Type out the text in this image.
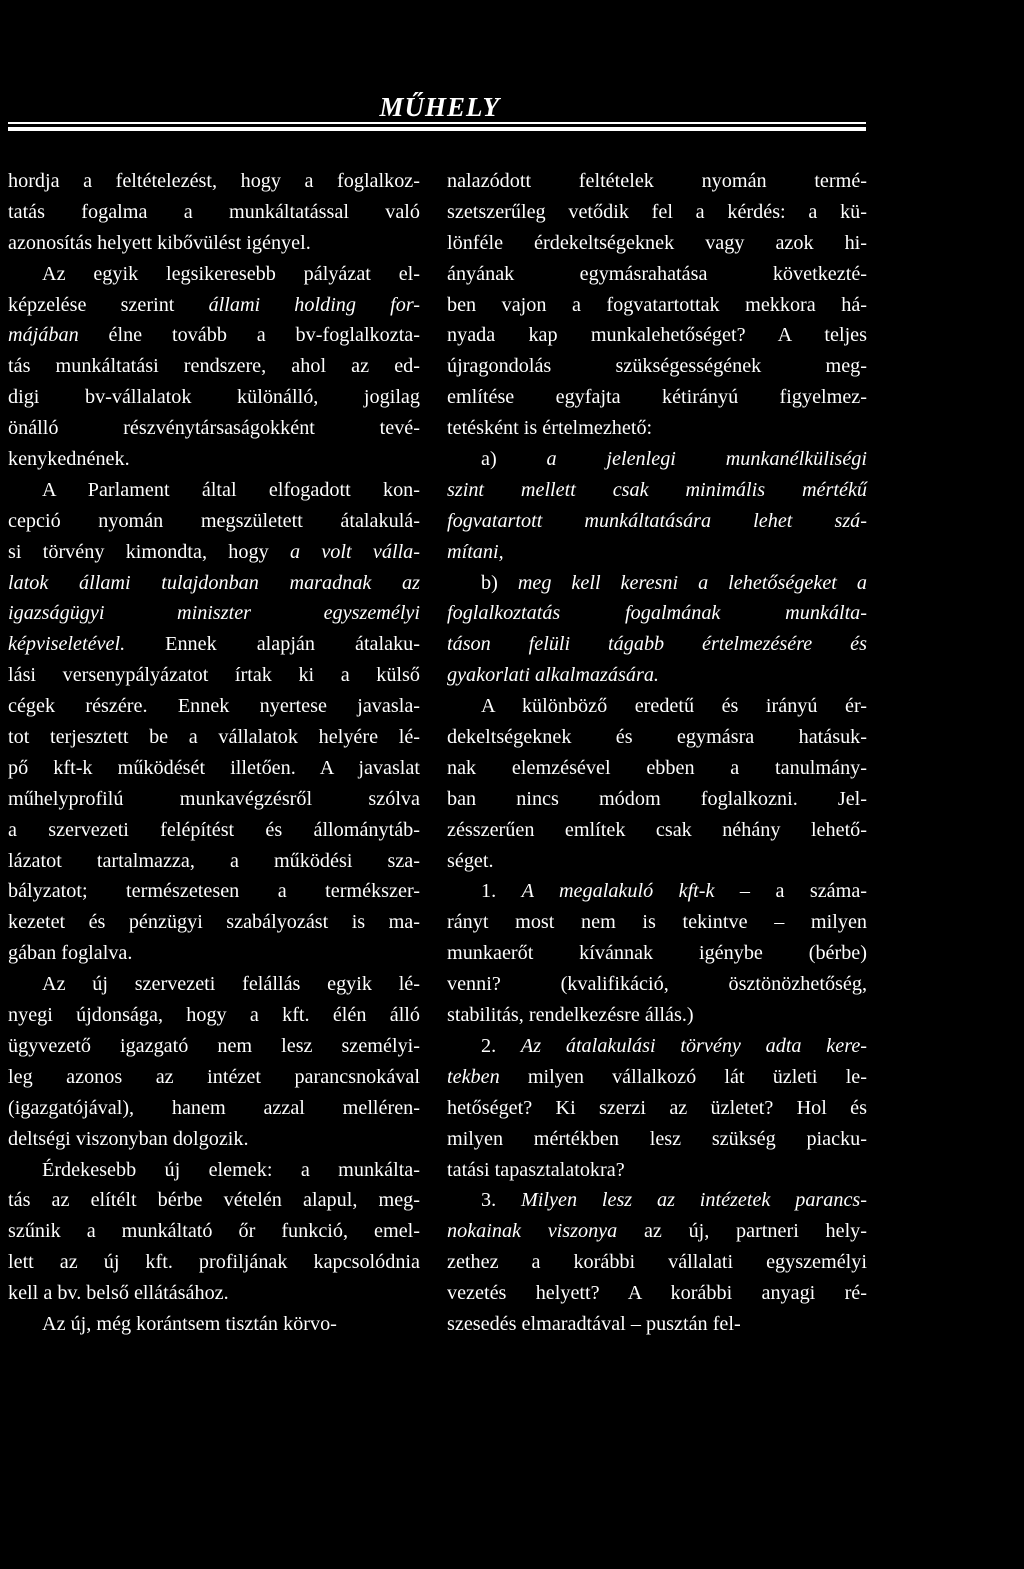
MŰHELY
hordja a feltételezést, hogy a foglalkoz-
tatás fogalma a munkáltatással való
azonosítás helyett kibővülést igényel.
Az egyik legsikeresebb pályázat el-
képzelése szerint állami holding for-
májában élne tovább a bv-foglalkozta-
tás munkáltatási rendszere, ahol az ed-
digi bv-vállalatok különálló, jogilag
önálló részvénytársaságokként tevé-
kenykednének.
A Parlament által elfogadott kon-
cepció nyomán megszületett átalakulá-
si törvény kimondta, hogy a volt válla-
latok állami tulajdonban maradnak az
igazságügyi miniszter egyszemélyi
képviseletével. Ennek alapján átalaku-
lási versenypályázatot írtak ki a külső
cégek részére. Ennek nyertese javasla-
tot terjesztett be a vállalatok helyére lé-
pő kft-k működését illetően. A javaslat
műhelyprofilú munkavégzésről szólva
a szervezeti felépítést és állománytáb-
lázatot tartalmazza, a működési sza-
bályzatot; természetesen a termékszer-
kezetet és pénzügyi szabályozást is ma-
gában foglalva.
Az új szervezeti felállás egyik lé-
nyegi újdonsága, hogy a kft. élén álló
ügyvezető igazgató nem lesz személyi-
leg azonos az intézet parancsnokával
(igazgatójával), hanem azzal melléren-
deltségi viszonyban dolgozik.
Érdekesebb új elemek: a munkálta-
tás az elítélt bérbe vételén alapul, meg-
szűnik a munkáltató őr funkció, emel-
lett az új kft. profiljának kapcsolódnia
kell a bv. belső ellátásához.
Az új, még korántsem tisztán körvo-
nalazódott feltételek nyomán termé-
szetszerűleg vetődik fel a kérdés: a kü-
lönféle érdekeltségeknek vagy azok hi-
ányának egymásrahatása következté-
ben vajon a fogvatartottak mekkora há-
nyada kap munkalehetőséget? A teljes
újragondolás szükségességének meg-
említése egyfajta kétirányú figyelmez-
tetésként is értelmezhető:
a) a jelenlegi munkanélküliségi
szint mellett csak minimális mértékű
fogvatartott munkáltatására lehet szá-
mítani,
b) meg kell keresni a lehetőségeket a
foglalkoztatás fogalmának munkálta-
táson felüli tágabb értelmezésére és
gyakorlati alkalmazására.
A különböző eredetű és irányú ér-
dekeltségeknek és egymásra hatásuk-
nak elemzésével ebben a tanulmány-
ban nincs módom foglalkozni. Jel-
zésszerűen említek csak néhány lehető-
séget.
1. A megalakuló kft-k – a száma-
rányt most nem is tekintve – milyen
munkaerőt kívánnak igénybe (bérbe)
venni? (kvalifikáció, ösztönözhetőség,
stabilitás, rendelkezésre állás.)
2. Az átalakulási törvény adta kere-
tekben milyen vállalkozó lát üzleti le-
hetőséget? Ki szerzi az üzletet? Hol és
milyen mértékben lesz szükség piacku-
tatási tapasztalatokra?
3. Milyen lesz az intézetek parancs-
nokainak viszonya az új, partneri hely-
zethez a korábbi vállalati egyszemélyi
vezetés helyett? A korábbi anyagi ré-
szesedés elmaradtával – pusztán fel-
